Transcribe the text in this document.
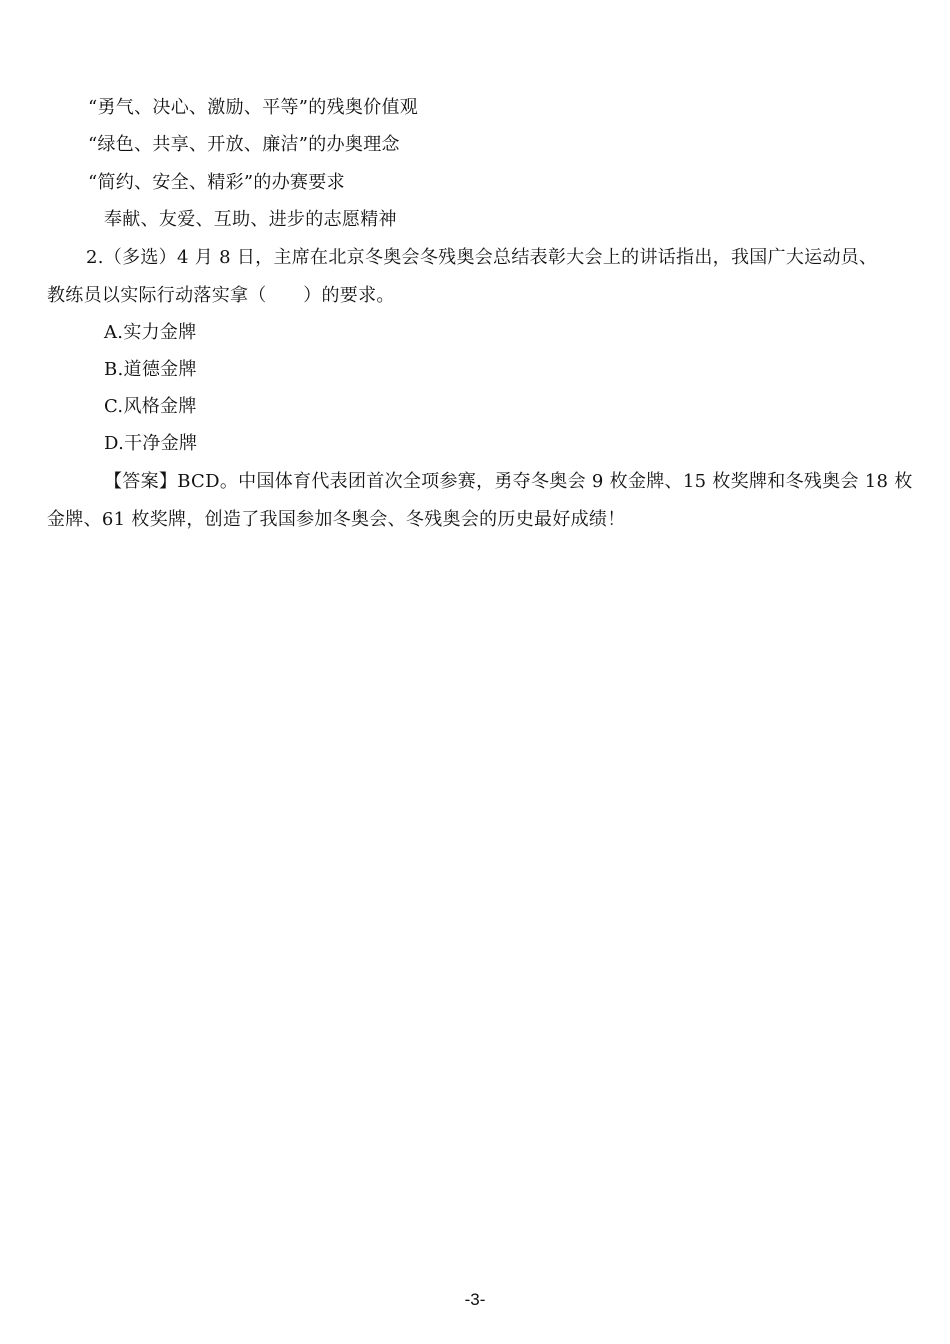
“勇气、决心、激励、平等”的残奥价值观
“绿色、共享、开放、廉洁”的办奥理念
“简约、安全、精彩”的办赛要求
奉献、友爱、互助、进步的志愿精神
2.（多选）4 月 8 日，主席在北京冬奥会冬残奥会总结表彰大会上的讲话指出，我国广大运动员、
教练员以实际行动落实拿（　　）的要求。
A.实力金牌
B.道德金牌
C.风格金牌
D.干净金牌
【答案】BCD。中国体育代表团首次全项参赛，勇夺冬奥会 9 枚金牌、15 枚奖牌和冬残奥会 18 枚
金牌、61 枚奖牌，创造了我国参加冬奥会、冬残奥会的历史最好成绩！
-3-
